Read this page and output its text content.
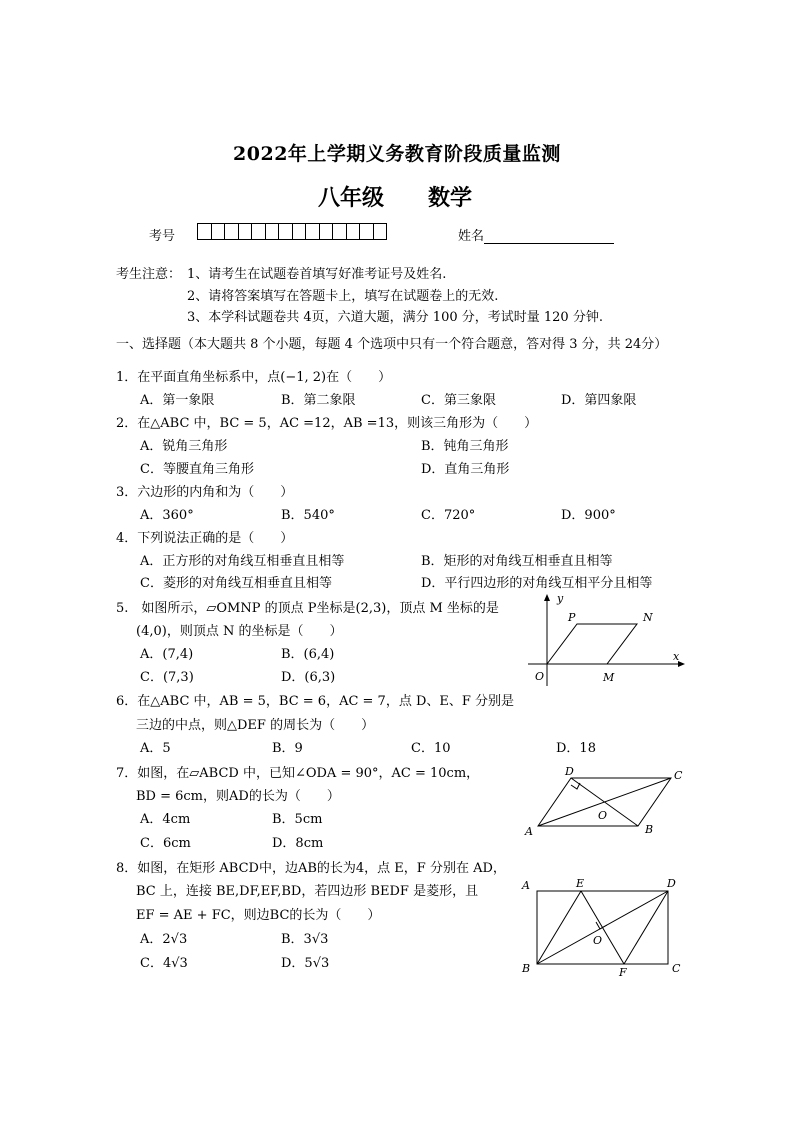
2022年上学期义务教育阶段质量监测
八年级 数学
考号	姓名
考生注意： 1、请考生在试题卷首填写好准考证号及姓名.
2、请将答案填写在答题卡上，填写在试题卷上的无效.
3、本学科试题卷共 4页，六道大题，满分 100 分，考试时量 120 分钟.
一、选择题（本大题共 8 个小题，每题 4 个选项中只有一个符合题意，答对得 3 分，共 24分）
1．在平面直角坐标系中，点(−1, 2)在（　　）
A．第一象限	B．第二象限	C．第三象限	D．第四象限
2．在△ABC 中，BC = 5，AC =12，AB =13，则该三角形为（　　）
A．锐角三角形	B．钝角三角形
C．等腰直角三角形	D．直角三角形
3．六边形的内角和为（　　）
A．360°	B．540°	C．720°	D．900°
4．下列说法正确的是（　　）
A．正方形的对角线互相垂直且相等	B．矩形的对角线互相垂直且相等
C．菱形的对角线互相垂直且相等	D．平行四边形的对角线互相平分且相等
5.　如图所示，▱OMNP 的顶点 P坐标是(2,3)，顶点 M 坐标的是
(4,0)，则顶点 N 的坐标是（　　）
A．(7,4)	B．(6,4)
C．(7,3)	D．(6,3)
y
x
O
P	N
M
6．在△ABC 中，AB = 5，BC = 6，AC = 7，点 D、E、F 分别是
三边的中点，则△DEF 的周长为（　　）
A．5	B．9	C．10	D．18
7．如图，在▱ABCD 中，已知∠ODA = 90°，AC = 10cm，
BD = 6cm，则AD的长为（　　）
A．4cm	B．5cm
C．6cm	D．8cm
A	B
C
D
O
8．如图，在矩形 ABCD中，边AB的长为4，点 E，F 分别在 AD，
BC 上，连接 BE,DF,EF,BD，若四边形 BEDF 是菱形，且
EF = AE + FC，则边BC的长为（　　）
A．2√3	B．3√3
C．4√3	D．5√3
A	E	D
B	F	C
O
